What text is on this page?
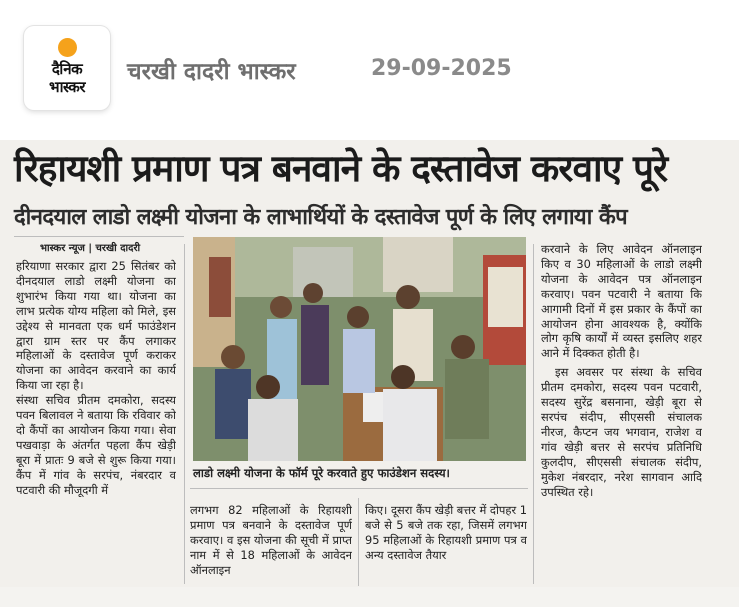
दैनिक
भास्कर
चरखी दादरी भास्कर	29-09-2025
रिहायशी प्रमाण पत्र बनवाने के दस्तावेज करवाए पूरे
दीनदयाल लाडो लक्ष्मी योजना के लाभार्थियों के दस्तावेज पूर्ण के लिए लगाया कैंप
भास्कर न्यूज | चरखी दादरी

हरियाणा सरकार द्वारा 25 सितंबर को दीनदयाल लाडो लक्ष्मी योजना का शुभारंभ किया गया था। योजना का लाभ प्रत्येक योग्य महिला को मिले, इस उद्देश्य से मानवता एक धर्म फाउंडेशन द्वारा ग्राम स्तर पर कैंप लगाकर महिलाओं के दस्तावेज पूर्ण कराकर योजना का आवेदन करवाने का कार्य किया जा रहा है।

संस्था सचिव प्रीतम दमकोरा, सदस्य पवन बिलावल ने बताया कि रविवार को दो कैंपों का आयोजन किया गया। सेवा पखवाड़ा के अंतर्गत पहला कैंप खेड़ी बूरा में प्रातः 9 बजे से शुरू किया गया। कैंप में गांव के सरपंच, नंबरदार व पटवारी की मौजूदगी में

लाडो लक्ष्मी योजना के फॉर्म पूरे करवाते हुए फाउंडेशन सदस्य।

लगभग 82 महिलाओं के रिहायशी प्रमाण पत्र बनवाने के दस्तावेज पूर्ण करवाए। व इस योजना की सूची में प्राप्त नाम में से 18 महिलाओं के आवेदन ऑनलाइन

किए। दूसरा कैंप खेड़ी बत्तर में दोपहर 1 बजे से 5 बजे तक रहा, जिसमें लगभग 95 महिलाओं के रिहायशी प्रमाण पत्र व अन्य दस्तावेज तैयार

करवाने के लिए आवेदन ऑनलाइन किए व 30 महिलाओं के लाडो लक्ष्मी योजना के आवेदन पत्र ऑनलाइन करवाए। पवन पटवारी ने बताया कि आगामी दिनों में इस प्रकार के कैंपों का आयोजन होना आवश्यक है, क्योंकि लोग कृषि कार्यों में व्यस्त इसलिए शहर आने में दिक्कत होती है।

इस अवसर पर संस्था के सचिव प्रीतम दमकोरा, सदस्य पवन पटवारी, सदस्य सुरेंद्र बसनाना, खेड़ी बूरा से सरपंच संदीप, सीएससी संचालक नीरज, कैप्टन जय भगवान, राजेश व गांव खेड़ी बत्तर से सरपंच प्रतिनिधि कुलदीप, सीएससी संचालक संदीप, मुकेश नंबरदार, नरेश सागवान आदि उपस्थित रहे।
